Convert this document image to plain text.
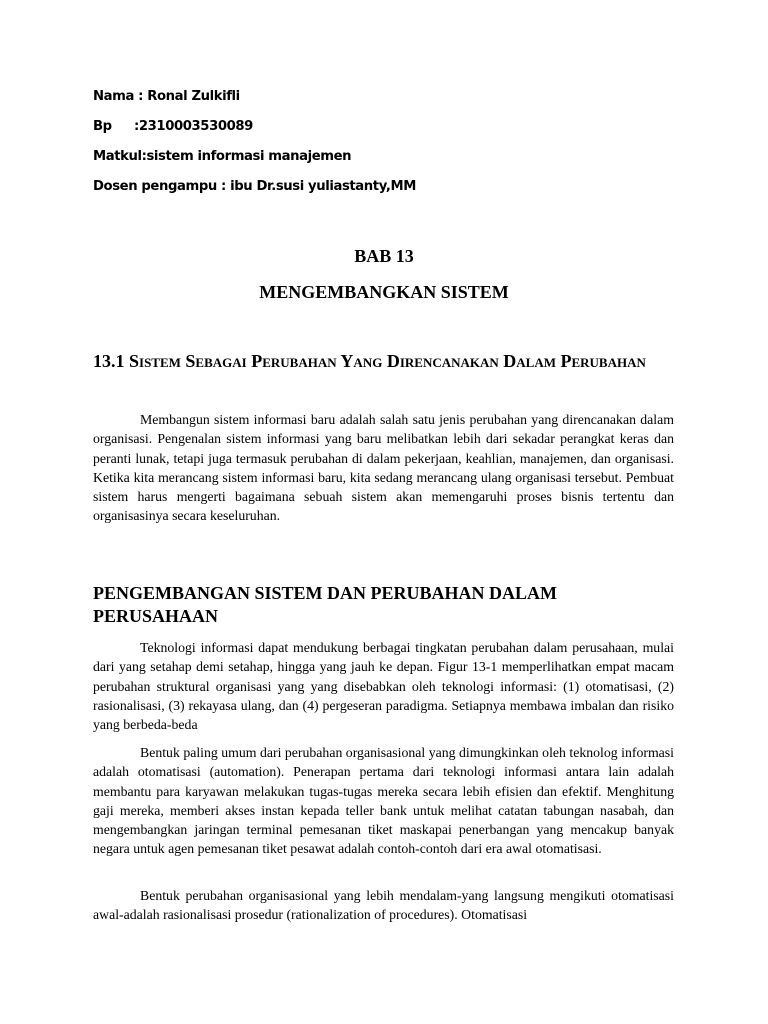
Nama : Ronal Zulkifli
Bp :2310003530089
Matkul:sistem informasi manajemen
Dosen pengampu : ibu Dr.susi yuliastanty,MM
BAB 13
MENGEMBANGKAN SISTEM
13.1 Sistem Sebagai Perubahan Yang Direncanakan Dalam Perubahan

Membangun sistem informasi baru adalah salah satu jenis perubahan yang direncanakan dalam organisasi. Pengenalan sistem informasi yang baru melibatkan lebih dari sekadar perangkat keras dan peranti lunak, tetapi juga termasuk perubahan di dalam pekerjaan, keahlian, manajemen, dan organisasi. Ketika kita merancang sistem informasi baru, kita sedang merancang ulang organisasi tersebut. Pembuat sistem harus mengerti bagaimana sebuah sistem akan memengaruhi proses bisnis tertentu dan organisasinya secara keseluruhan.

PENGEMBANGAN SISTEM DAN PERUBAHAN DALAM PERUSAHAAN

Teknologi informasi dapat mendukung berbagai tingkatan perubahan dalam perusahaan, mulai dari yang setahap demi setahap, hingga yang jauh ke depan. Figur 13-1 memperlihatkan empat macam perubahan struktural organisasi yang yang disebabkan oleh teknologi informasi: (1) otomatisasi, (2) rasionalisasi, (3) rekayasa ulang, dan (4) pergeseran paradigma. Setiapnya membawa imbalan dan risiko yang berbeda-beda

Bentuk paling umum dari perubahan organisasional yang dimungkinkan oleh teknolog informasi adalah otomatisasi (automation). Penerapan pertama dari teknologi informasi antara lain adalah membantu para karyawan melakukan tugas-tugas mereka secara lebih efisien dan efektif. Menghitung gaji mereka, memberi akses instan kepada teller bank untuk melihat catatan tabungan nasabah, dan mengembangkan jaringan terminal pemesanan tiket maskapai penerbangan yang mencakup banyak negara untuk agen pemesanan tiket pesawat adalah contoh-contoh dari era awal otomatisasi.

Bentuk perubahan organisasional yang lebih mendalam-yang langsung mengikuti otomatisasi awal-adalah rasionalisasi prosedur (rationalization of procedures). Otomatisasi
